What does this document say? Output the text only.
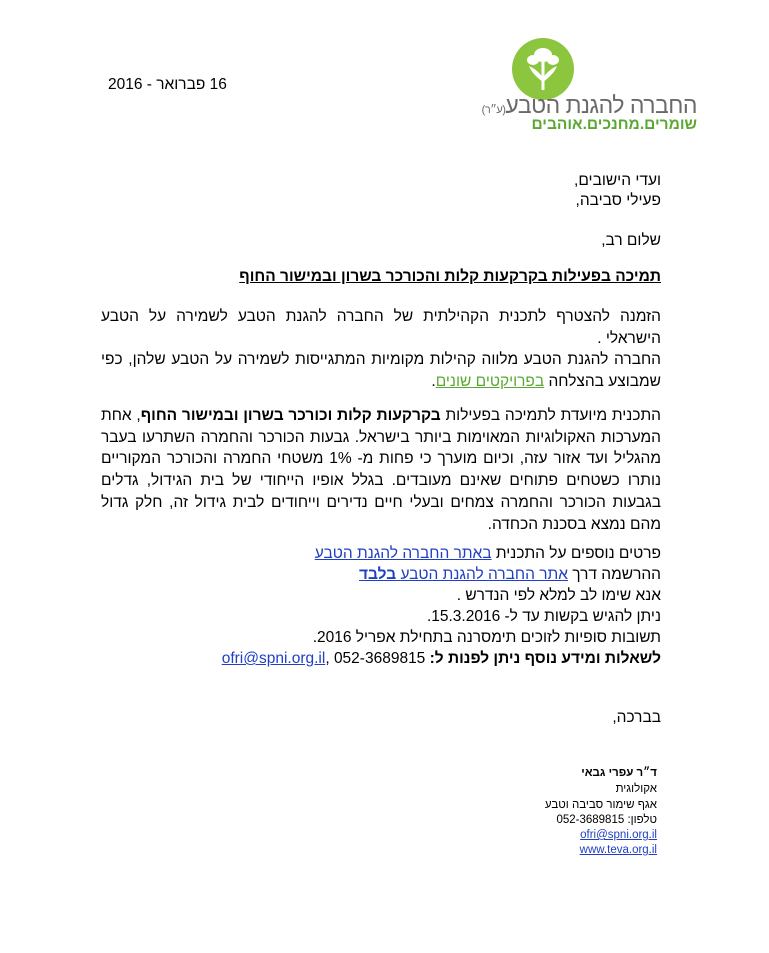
החברה להגנת הטבע(ע״ר)
שומרים.מחנכים.אוהבים
16 פברואר - 2016
ועדי הישובים,
פעילי סביבה,
שלום רב,
תמיכה בפעילות בקרקעות קלות והכורכר בשרון ובמישור החוף
הזמנה להצטרף לתכנית הקהילתית של החברה להגנת הטבע לשמירה על הטבע הישראלי .
החברה להגנת הטבע מלווה קהילות מקומיות המתגייסות לשמירה על הטבע שלהן, כפי שמבוצע בהצלחה בפרויקטים שונים.
התכנית מיועדת לתמיכה בפעילות בקרקעות קלות וכורכר בשרון ובמישור החוף, אחת המערכות האקולוגיות המאוימות ביותר בישראל. גבעות הכורכר והחמרה השתרעו בעבר מהגליל ועד אזור עזה, וכיום מוערך כי פחות מ- 1% משטחי החמרה והכורכר המקוריים נותרו כשטחים פתוחים שאינם מעובדים. בגלל אופיו הייחודי של בית הגידול, גדלים בגבעות הכורכר והחמרה צמחים ובעלי חיים נדירים וייחודים לבית גידול זה, חלק גדול מהם נמצא בסכנת הכחדה.
פרטים נוספים על התכנית באתר החברה להגנת הטבע
ההרשמה דרך אתר החברה להגנת הטבע בלבד
אנא שימו לב למלא לפי הנדרש .
ניתן להגיש בקשות עד ל- 15.3.2016.
תשובות סופיות לזוכים תימסרנה בתחילת אפריל 2016.
לשאלות ומידע נוסף ניתן לפנות ל: ofri@spni.org.il, 052-3689815
בברכה,
ד״ר עפרי גבאי
אקולוגית
אגף שימור סביבה וטבע
טלפון: 052-3689815
ofri@spni.org.il
www.teva.org.il
